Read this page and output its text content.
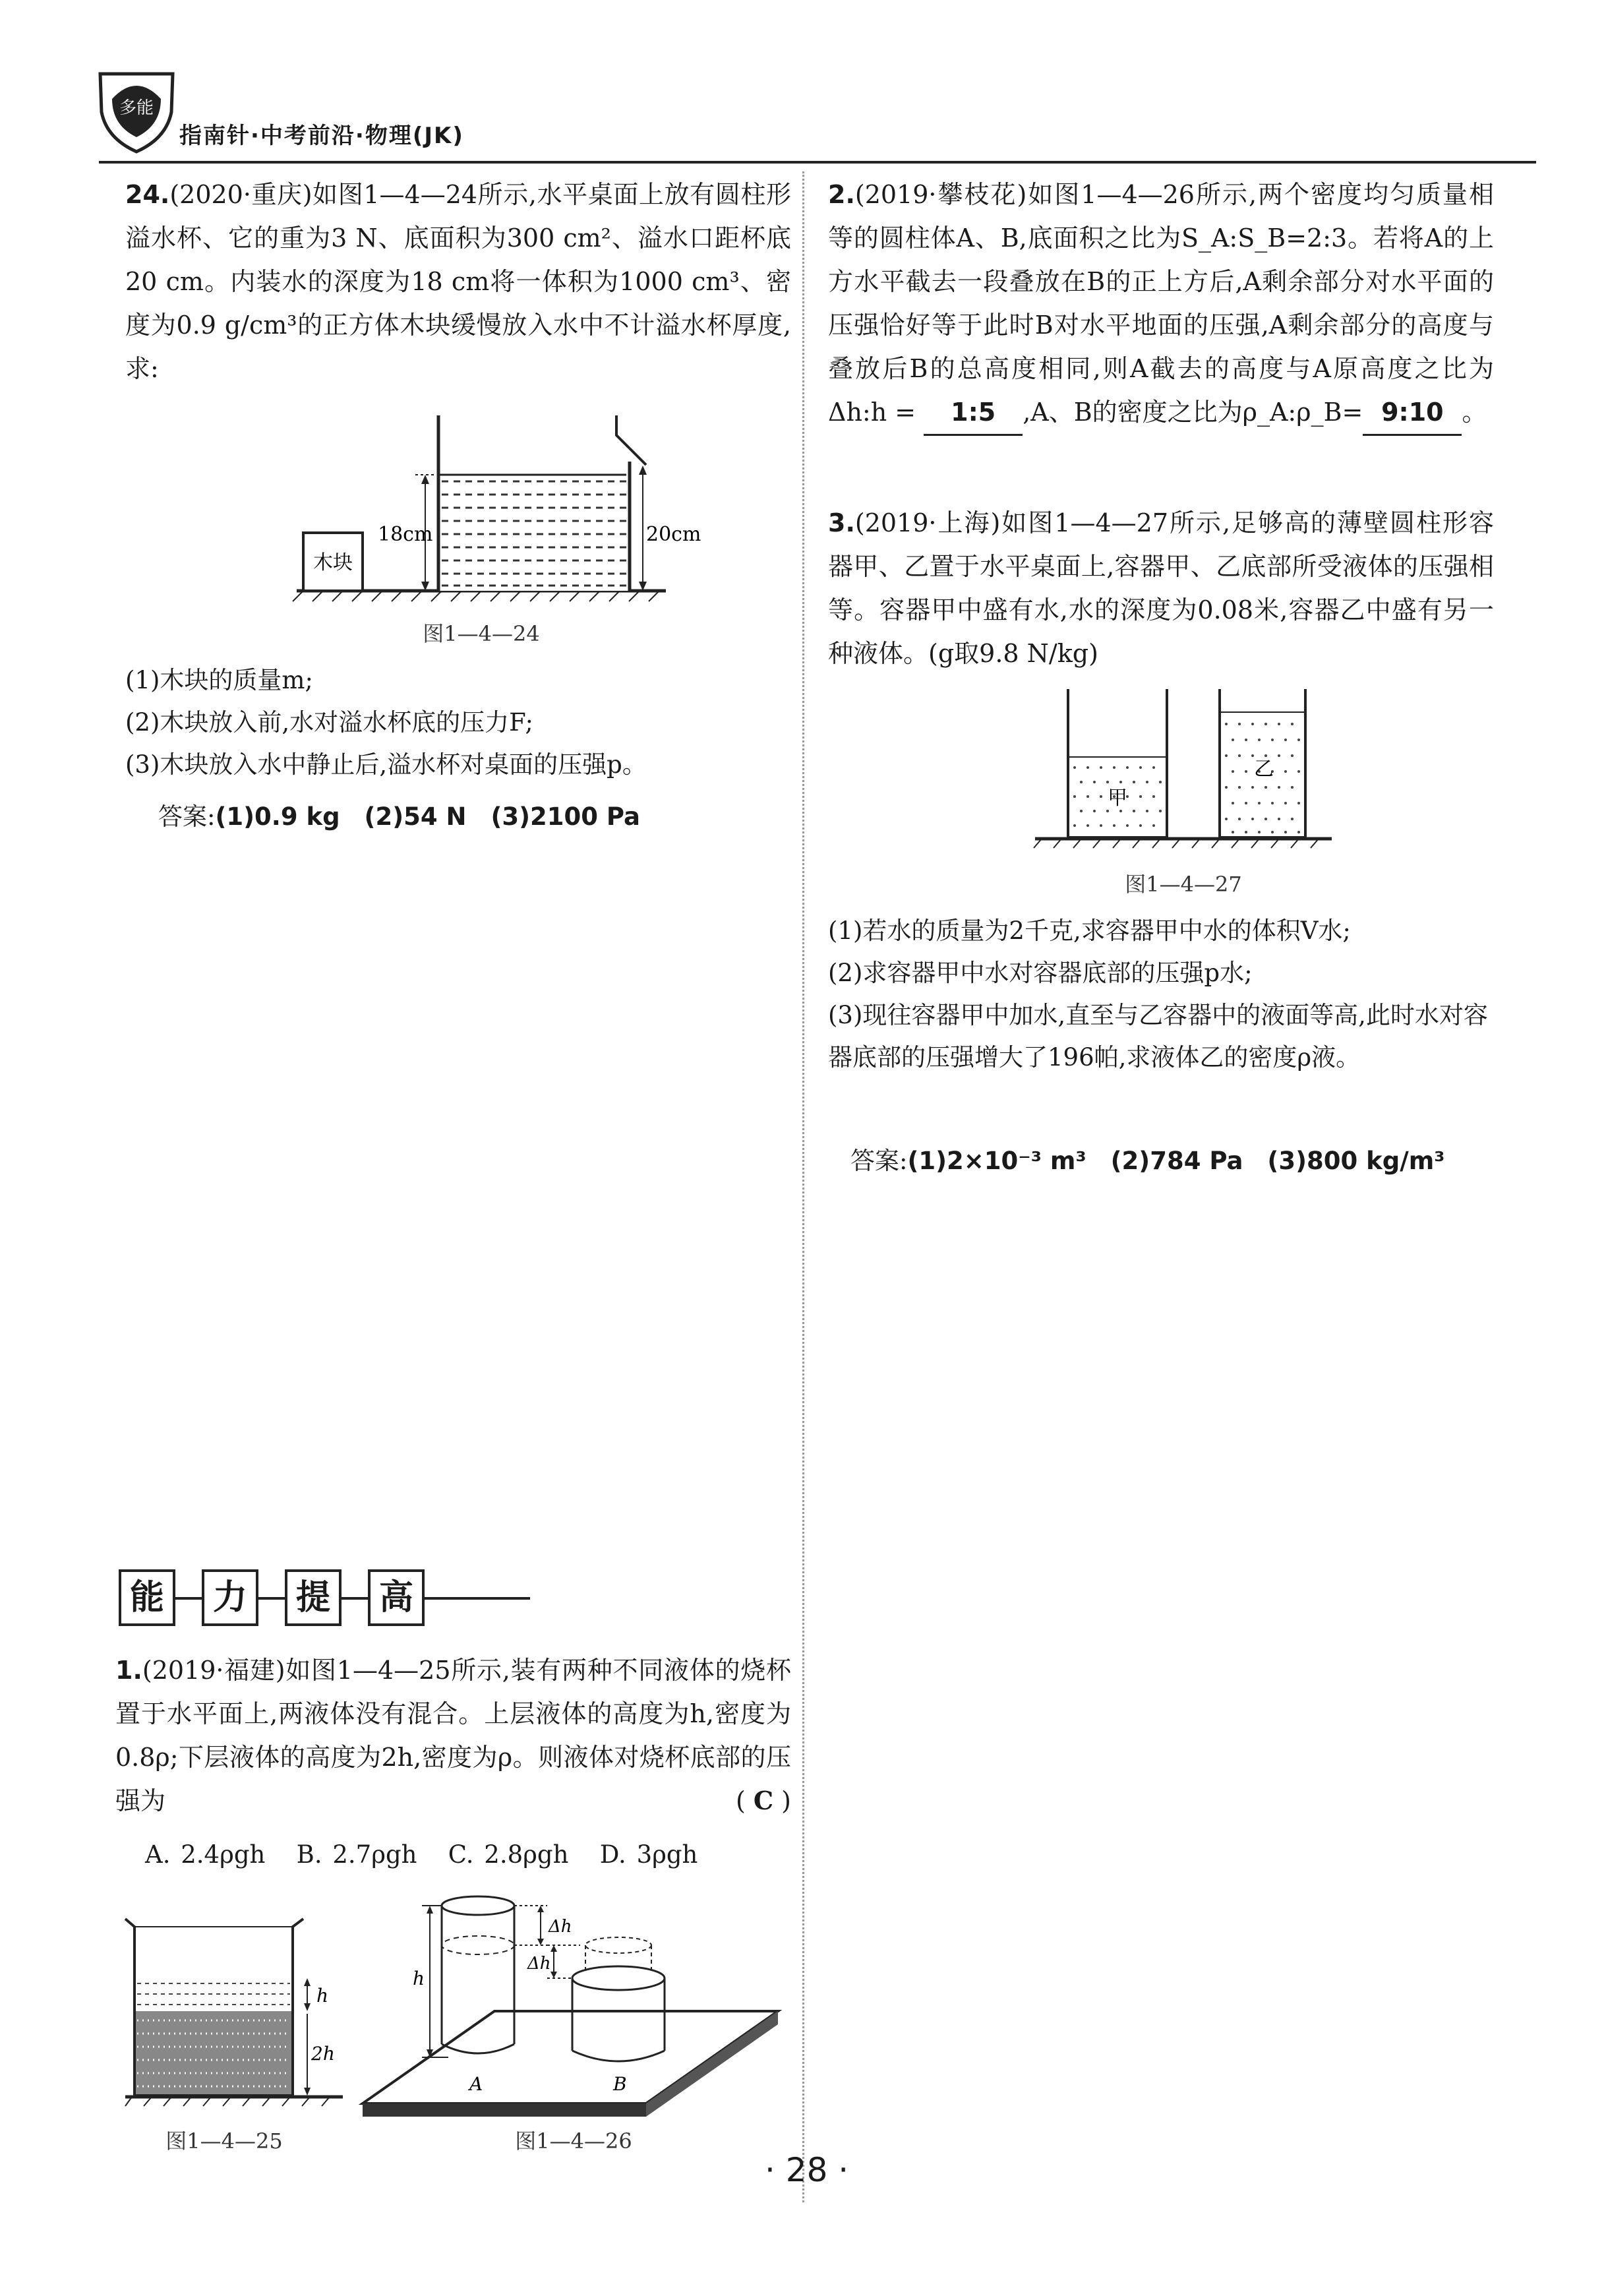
多能
指南针·中考前沿·物理(JK)
24.(2020·重庆)如图1—4—24所示,水平桌面上放有圆柱形溢水杯、它的重为3 N、底面积为300 cm²、溢水口距杯底20 cm。内装水的深度为18 cm将一体积为1000 cm³、密度为0.9 g/cm³的正方体木块缓慢放入水中不计溢水杯厚度,求:
木块
18cm	20cm
图1—4—24
(1)木块的质量m;
(2)木块放入前,水对溢水杯底的压力F;
(3)木块放入水中静止后,溢水杯对桌面的压强p。
答案:(1)0.9 kg　(2)54 N　(3)2100 Pa
能	力	提	高
1.(2019·福建)如图1—4—25所示,装有两种不同液体的烧杯置于水平面上,两液体没有混合。上层液体的高度为h,密度为0.8ρ;下层液体的高度为2h,密度为ρ。则液体对烧杯底部的压强为	( C )
A. 2.4ρgh B. 2.7ρgh C. 2.8ρgh D. 3ρgh
h
2h
图1—4—25
h
Δh
Δh
A	B
图1—4—26
2.(2019·攀枝花)如图1—4—26所示,两个密度均匀质量相等的圆柱体A、B,底面积之比为S_A:S_B=2:3。若将A的上方水平截去一段叠放在B的正上方后,A剩余部分对水平面的压强恰好等于此时B对水平地面的压强,A剩余部分的高度与叠放后B的总高度相同,则A截去的高度与A原高度之比为Δh:h = 1:5 ,A、B的密度之比为ρ_A:ρ_B= 9:10 。
3.(2019·上海)如图1—4—27所示,足够高的薄壁圆柱形容器甲、乙置于水平桌面上,容器甲、乙底部所受液体的压强相等。容器甲中盛有水,水的深度为0.08米,容器乙中盛有另一种液体。(g取9.8 N/kg)
甲
乙
图1—4—27
(1)若水的质量为2千克,求容器甲中水的体积V水;
(2)求容器甲中水对容器底部的压强p水;
(3)现往容器甲中加水,直至与乙容器中的液面等高,此时水对容器底部的压强增大了196帕,求液体乙的密度ρ液。
答案:(1)2×10⁻³ m³　(2)784 Pa　(3)800 kg/m³
· 28 ·
